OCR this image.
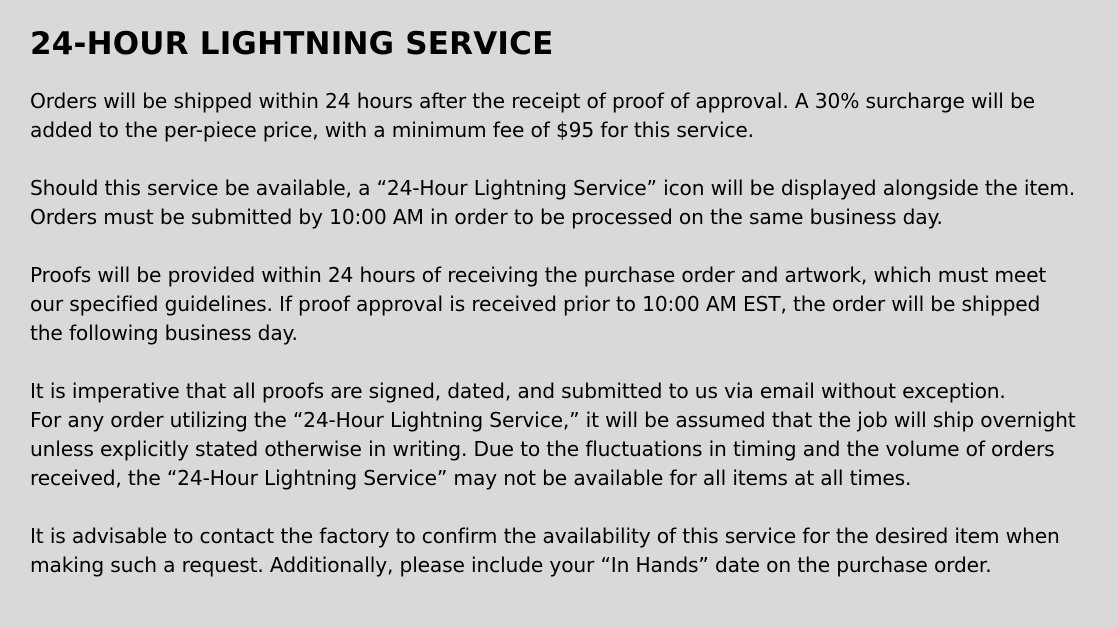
24-HOUR LIGHTNING SERVICE

Orders will be shipped within 24 hours after the receipt of proof of approval. A 30% surcharge will be
added to the per-piece price, with a minimum fee of $95 for this service.

Should this service be available, a “24-Hour Lightning Service” icon will be displayed alongside the item.
Orders must be submitted by 10:00 AM in order to be processed on the same business day.

Proofs will be provided within 24 hours of receiving the purchase order and artwork, which must meet
our specified guidelines. If proof approval is received prior to 10:00 AM EST, the order will be shipped
the following business day.

It is imperative that all proofs are signed, dated, and submitted to us via email without exception.
For any order utilizing the “24-Hour Lightning Service,” it will be assumed that the job will ship overnight
unless explicitly stated otherwise in writing. Due to the fluctuations in timing and the volume of orders
received, the “24-Hour Lightning Service” may not be available for all items at all times.

It is advisable to contact the factory to confirm the availability of this service for the desired item when
making such a request. Additionally, please include your “In Hands” date on the purchase order.
